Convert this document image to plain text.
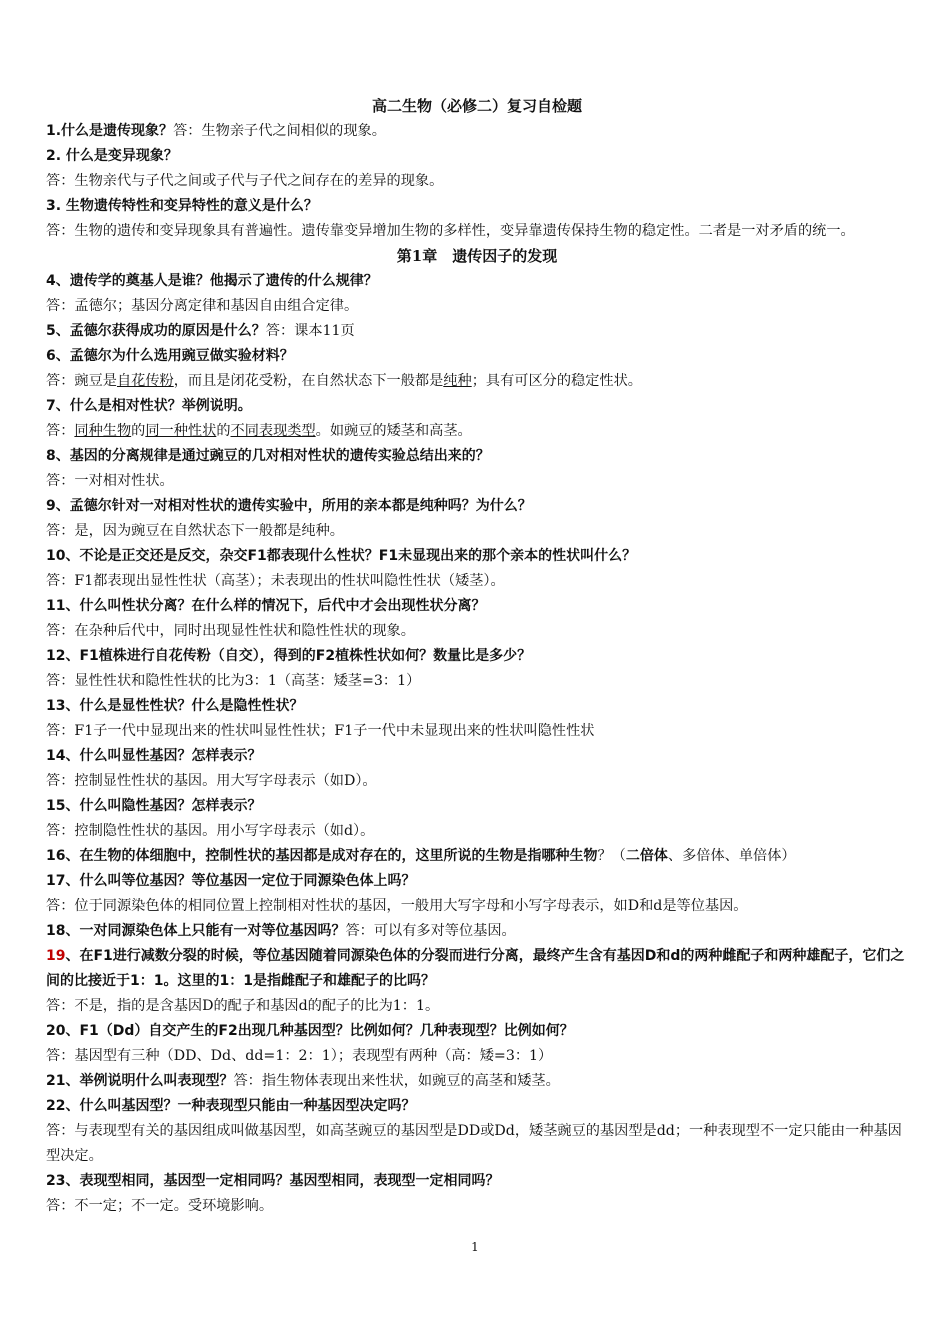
高二生物（必修二）复习自检题
1.什么是遗传现象？答：生物亲子代之间相似的现象。
2. 什么是变异现象？
答：生物亲代与子代之间或子代与子代之间存在的差异的现象。
3. 生物遗传特性和变异特性的意义是什么？
答：生物的遗传和变异现象具有普遍性。遗传靠变异增加生物的多样性，变异靠遗传保持生物的稳定性。二者是一对矛盾的统一。
第1章　遗传因子的发现
4、遗传学的奠基人是谁？他揭示了遗传的什么规律？
答：孟德尔；基因分离定律和基因自由组合定律。
5、孟德尔获得成功的原因是什么？答：课本11页
6、孟德尔为什么选用豌豆做实验材料？
答：豌豆是自花传粉，而且是闭花受粉，在自然状态下一般都是纯种；具有可区分的稳定性状。
7、什么是相对性状？举例说明。
答：同种生物的同一种性状的不同表现类型。如豌豆的矮茎和高茎。
8、基因的分离规律是通过豌豆的几对相对性状的遗传实验总结出来的？
答：一对相对性状。
9、孟德尔针对一对相对性状的遗传实验中，所用的亲本都是纯种吗？为什么？
答：是，因为豌豆在自然状态下一般都是纯种。
10、不论是正交还是反交，杂交F1都表现什么性状？F1未显现出来的那个亲本的性状叫什么？
答：F1都表现出显性性状（高茎）；未表现出的性状叫隐性性状（矮茎）。
11、什么叫性状分离？在什么样的情况下，后代中才会出现性状分离？
答：在杂种后代中，同时出现显性性状和隐性性状的现象。
12、F1植株进行自花传粉（自交），得到的F2植株性状如何？数量比是多少？
答：显性性状和隐性性状的比为3：1（高茎：矮茎=3：1）
13、什么是显性性状？什么是隐性性状？
答：F1子一代中显现出来的性状叫显性性状；F1子一代中未显现出来的性状叫隐性性状
14、什么叫显性基因？怎样表示？
答：控制显性性状的基因。用大写字母表示（如D）。
15、什么叫隐性基因？怎样表示？
答：控制隐性性状的基因。用小写字母表示（如d）。
16、在生物的体细胞中，控制性状的基因都是成对存在的，这里所说的生物是指哪种生物？（二倍体、多倍体、单倍体）
17、什么叫等位基因？等位基因一定位于同源染色体上吗？
答：位于同源染色体的相同位置上控制相对性状的基因，一般用大写字母和小写字母表示，如D和d是等位基因。
18、一对同源染色体上只能有一对等位基因吗？答：可以有多对等位基因。
19、在F1进行减数分裂的时候，等位基因随着同源染色体的分裂而进行分离，最终产生含有基因D和d的两种雌配子和两种雄配子，它们之间的比接近于1：1。这里的1：1是指雌配子和雄配子的比吗？
答：不是，指的是含基因D的配子和基因d的配子的比为1：1。
20、F1（Dd）自交产生的F2出现几种基因型？比例如何？几种表现型？比例如何？
答：基因型有三种（DD、Dd、dd=1：2：1）；表现型有两种（高：矮=3：1）
21、举例说明什么叫表现型？答：指生物体表现出来性状，如豌豆的高茎和矮茎。
22、什么叫基因型？一种表现型只能由一种基因型决定吗？
答：与表现型有关的基因组成叫做基因型，如高茎豌豆的基因型是DD或Dd，矮茎豌豆的基因型是dd；一种表现型不一定只能由一种基因型决定。
23、表现型相同，基因型一定相同吗？基因型相同，表现型一定相同吗？
答：不一定；不一定。受环境影响。
1
